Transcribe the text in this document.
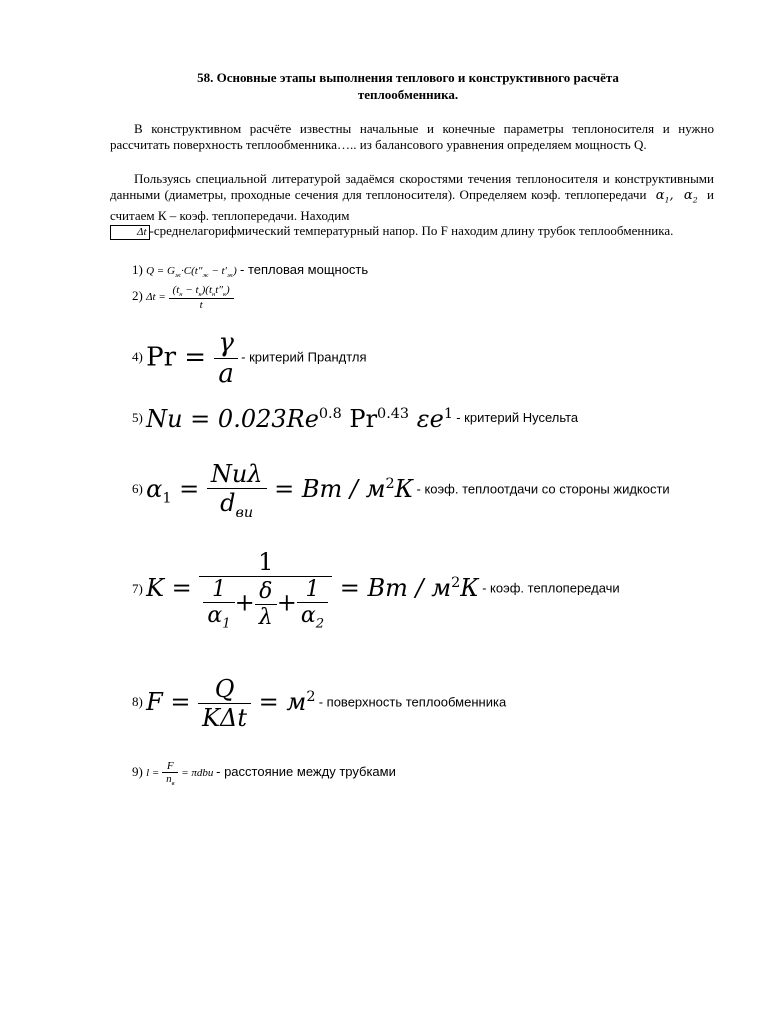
58. Основные этапы выполнения теплового и конструктивного расчёта
теплообменника.
В конструктивном расчёте известны начальные и конечные параметры теплоносителя и нужно рассчитать поверхность теплообменника….. из балансового уравнения определяем мощность Q.
Пользуясь специальной литературой задаёмся скоростями течения теплоносителя и конструктивными данными (диаметры, проходные сечения для теплоносителя). Определяем коэф. теплопередачи  $\alpha_1$,  $\alpha_2$ и считаем К – коэф. теплопередачи. Находим
Δt -среднелагорифмический температурный напор. По F находим длину трубок теплообменника.
1) $Q = G_ж\cdot C(t''_ж - t'_ж)$ - тепловая мощность
2) $\Delta t = \frac{(t_н - t_к)(t_нt''_к)}{t}$
4) $Pr = \frac{\gamma}{a}$ - критерий Прандтля
5) $Nu = 0.023Re^{0.8}$ $Pr^{0.43}$ $\varepsilon e^1$ - критерий Нусельта
6) $\alpha_1 = \frac{\text{Nuλ}}{d_{ви}}$ = Вт / $м^2К$ - коэф. теплоотдачи со стороны жидкости
7) $K = \frac{1}{\frac{1}{\alpha_1} + \frac{\delta}{\lambda} + \frac{1}{\alpha_2}}$ = Вт / $м^2К$ - коэф. теплопередачи
8) $F = \frac{Q}{\text{KΔt}} = м^2$ - поверхность теплообменника
9) $l = \frac{F}{n_в} = \pi dbu$ - расстояние между трубками
